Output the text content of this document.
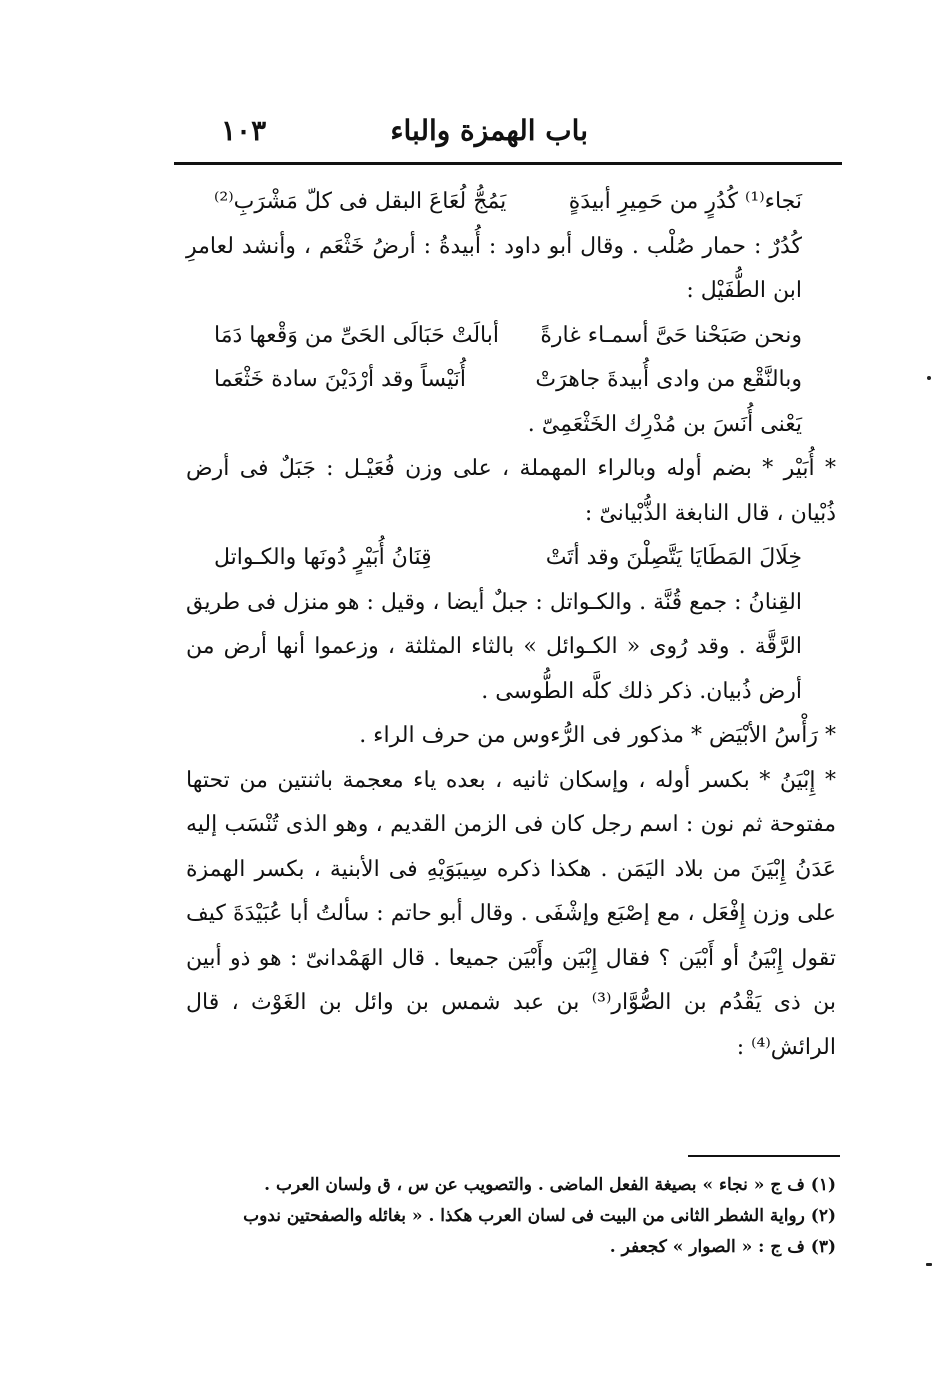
باب الهمزة والباء
١٠٣
نَجاء⁽¹⁾ كُدُرٍ من حَمِيرِ أبيدَةٍ
يَمُجُّ لُعَاعَ البقل فى كلّ مَشْرَبِ⁽²⁾

كُدُرٌ : حمار صُلْب . وقال أبو داود : أُبيدةُ : أرضُ خَثْعَم ، وأنشد لعامرِ ابن الطُّفَيْل :

ونحن صَبَحْنا حَىَّ أسمـاء غارةً
أبالَتْ حَبَالَى الحَىِّ من وَقْعها دَمَا
وبالنَّقْع من وادى أُبيدةَ جاهرَتْ
أُنَيْساً وقد أرْدَيْنَ سادة خَثْعَما

يَعْنى أُنَسَ بن مُدْرِك الخَثْعَمِىّ .

* أُبَيْر * بضم أوله وبالراء المهملة ، على وزن فُعَيْـل : جَبَلٌ فى أرض ذُبْيان ، قال النابغة الذُّبْيانىّ :

خِلَالَ المَطَايَا يَتَّصِلْنَ وقد أتَتْ
قِنَانُ أُبَيْرٍ دُونَها والكـواتل

القِنانُ : جمع قُنَّة . والكـواتل : جبلٌ أيضا ، وقيل : هو منزل فى طريق الرَّقَّة . وقد رُوى « الكـوائل » بالثاء المثلثة ، وزعموا أنها أرض من أرض ذُبيان. ذكر ذلك كلَّه الطُّوسى .

* رَأْسُ الأبْيَض * مذكور فى الرُّءوس من حرف الراء .

* إِبْيَنُ * بكسر أوله ، وإسكان ثانيه ، بعده ياء معجمة باثنتين من تحتها مفتوحة ثم نون : اسم رجل كان فى الزمن القديم ، وهو الذى تُنْسَب إليه عَدَنُ إِبْيَنَ من بلاد اليَمَن . هكذا ذكره سِيبَوَيْهِ فى الأبنية ، بكسر الهمزة على وزن إِفْعَل ، مع إصْبَع وإشْفَى . وقال أبو حاتم : سألتُ أبا عُبَيْدَةَ كيف تقول إِبْيَنُ أو أَبْيَن ؟ فقال إِبْيَن وأَبْيَن جميعا . قال الهَمْدانىّ : هو ذو أبين بن ذى يَقْدُم بن الصُّوَّار⁽³⁾ بن عبد شمس بن وائل بن الغَوْث ، قال الرائش⁽⁴⁾ :

(١) ف ج « نجاء » بصيغة الفعل الماضى . والتصويب عن س ، ق ولسان العرب .
(٢) رواية الشطر الثانى من البيت فى لسان العرب هكذا . « بغائله والصفحتين ندوب
(٣) ف ج : « الصوار » كجعفر .
